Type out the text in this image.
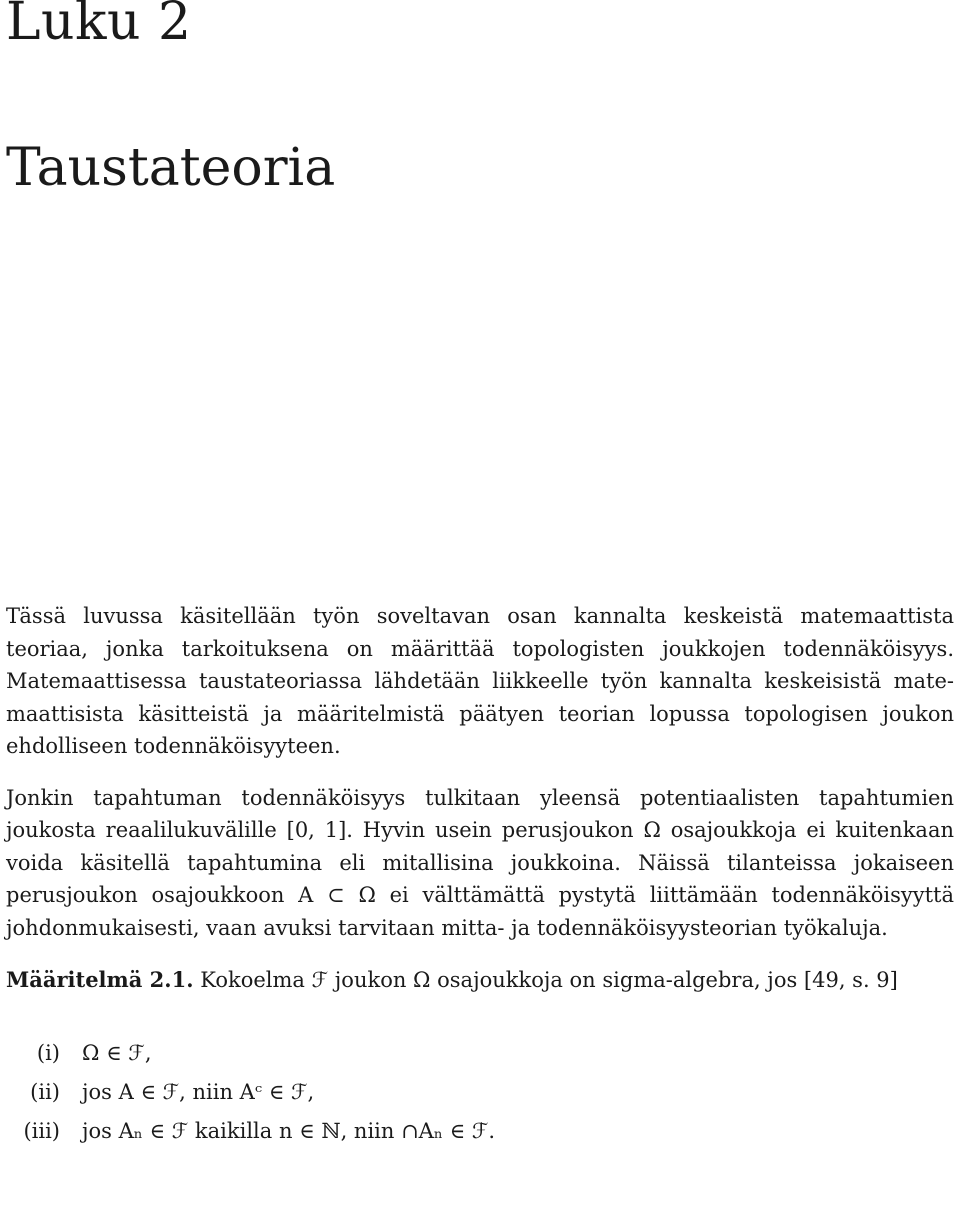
Luku 2
Taustateoria

Tässä luvussa käsitellään työn soveltavan osan kannalta keskeistä matemaattista teoriaa, jonka tarkoituksena on määrittää topologisten joukkojen todennäköisyys. Matemaattisessa taustateoriassa lähdetään liikkeelle työn kannalta keskeisistä matemaattisista käsitteistä ja määritelmistä päätyen teorian lopussa topologisen joukon ehdolliseen todennäköisyyteen.

Jonkin tapahtuman todennäköisyys tulkitaan yleensä potentiaalisten tapahtumien joukosta reaalilukuvälille [0, 1]. Hyvin usein perusjoukon Ω osajoukkoja ei kuitenkaan voida käsitellä tapahtumina eli mitallisina joukkoina. Näissä tilanteissa jokaiseen perusjoukon osajoukkoon A ⊂ Ω ei välttämättä pystytä liittämään todennäköisyyttä johdonmukaisesti, vaan avuksi tarvitaan mitta- ja todennäköisyysteorian työkaluja.

Määritelmä 2.1. Kokoelma ℱ joukon Ω osajoukkoja on sigma-algebra, jos [49, s. 9]

(i)	Ω ∈ ℱ,
(ii)	jos A ∈ ℱ, niin Aᶜ ∈ ℱ,
(iii)	jos Aₙ ∈ ℱ kaikilla n ∈ ℕ, niin ∩Aₙ ∈ ℱ.
